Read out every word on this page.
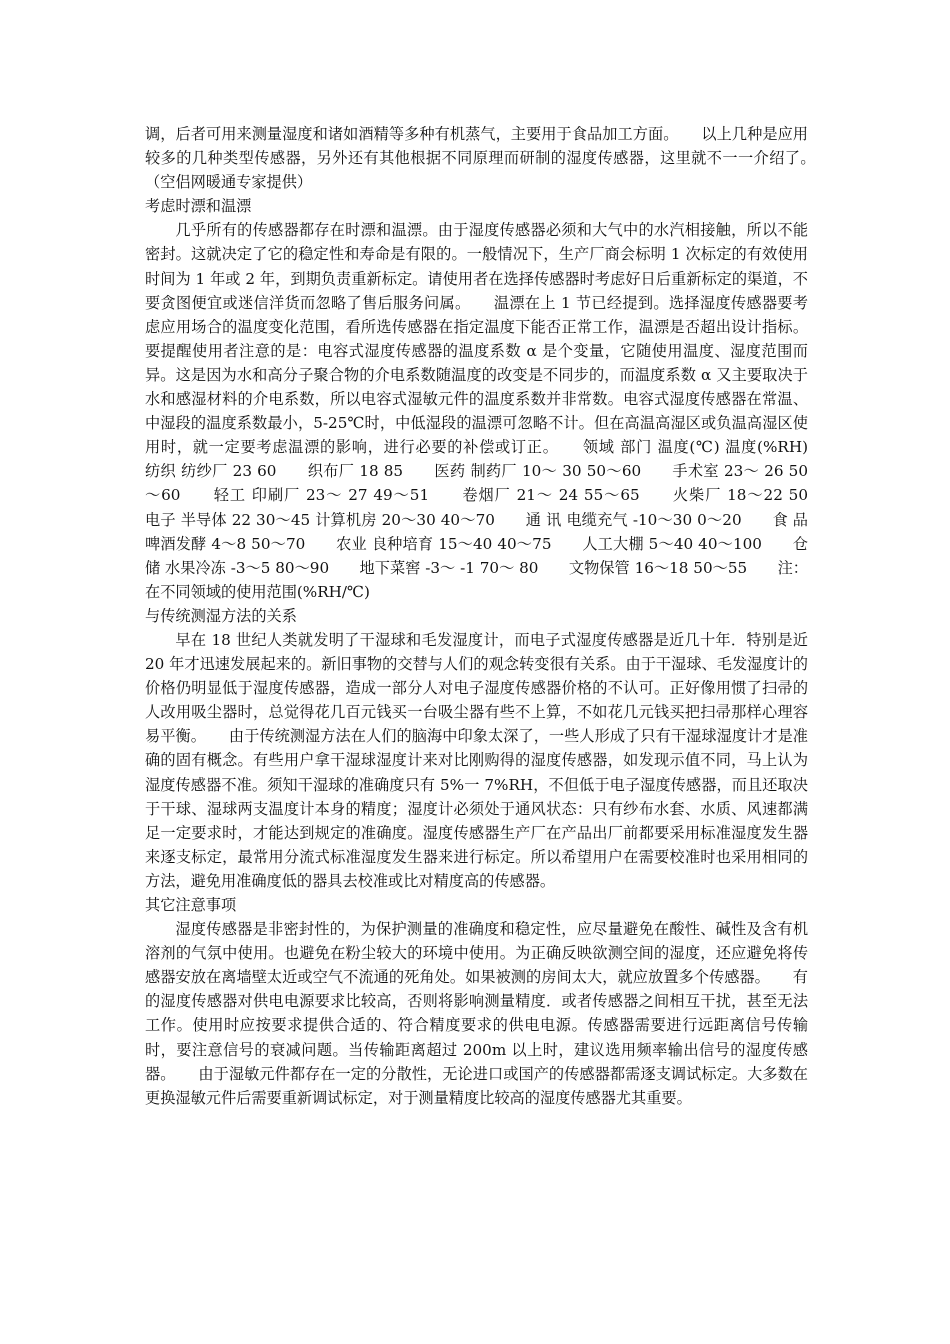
调，后者可用来测量湿度和诸如酒精等多种有机蒸气，主要用于食品加工方面。　　以上几种是应用较多的几种类型传感器，另外还有其他根据不同原理而研制的湿度传感器，这里就不一一介绍了。　　（空侣网暖通专家提供）

考虑时漂和温漂

几乎所有的传感器都存在时漂和温漂。由于湿度传感器必须和大气中的水汽相接触，所以不能密封。这就决定了它的稳定性和寿命是有限的。一般情况下，生产厂商会标明 1 次标定的有效使用时间为 1 年或 2 年，到期负责重新标定。请使用者在选择传感器时考虑好日后重新标定的渠道，不要贪图便宜或迷信洋货而忽略了售后服务问属。　　温漂在上 1 节已经提到。选择湿度传感器要考虑应用场合的温度变化范围，看所选传感器在指定温度下能否正常工作，温漂是否超出设计指标。要提醒使用者注意的是：电容式湿度传感器的温度系数 α 是个变量，它随使用温度、湿度范围而异。这是因为水和高分子聚合物的介电系数随温度的改变是不同步的，而温度系数 α 又主要取决于水和感湿材料的介电系数，所以电容式湿敏元件的温度系数并非常数。电容式湿度传感器在常温、中湿段的温度系数最小，5-25℃时，中低湿段的温漂可忽略不计。但在高温高湿区或负温高湿区使用时，就一定要考虑温漂的影响，进行必要的补偿或订正。　　领域 部门 温度(℃) 温度(%RH)　　纺织 纺纱厂 23 60　　织布厂 18 85　　医药 制药厂 10～ 30 50～60　　手术室 23～ 26 50～60　　轻工 印刷厂 23～ 27 49～51　　卷烟厂 21～ 24 55～65　　火柴厂 18～22 50　　电子 半导体 22 30～45 计算机房 20～30 40～70　　通 讯 电缆充气 -10～30 0～20　　食 品 啤酒发酵 4～8 50～70　　农业 良种培育 15～40 40～75　　人工大棚 5～40 40～100　　仓储 水果冷冻 -3～5 80～90　　地下菜窖 -3～ -1 70～ 80　　文物保管 16～18 50～55　　注：在不同领域的使用范围(%RH/℃)

与传统测湿方法的关系

早在 18 世纪人类就发明了干湿球和毛发湿度计，而电子式湿度传感器是近几十年．特别是近 20 年才迅速发展起来的。新旧事物的交替与人们的观念转变很有关系。由于干湿球、毛发湿度计的价格仍明显低于湿度传感器，造成一部分人对电子湿度传感器价格的不认可。正好像用惯了扫帚的人改用吸尘器时，总觉得花几百元钱买一台吸尘器有些不上算，不如花几元钱买把扫帚那样心理容易平衡。　　由于传统测湿方法在人们的脑海中印象太深了，一些人形成了只有干湿球湿度计才是准确的固有概念。有些用户拿干湿球湿度计来对比刚购得的湿度传感器，如发现示值不同，马上认为湿度传感器不准。须知干湿球的准确度只有 5%一 7%RH，不但低于电子湿度传感器，而且还取决于干球、湿球两支温度计本身的精度；湿度计必须处于通风状态：只有纱布水套、水质、风速都满足一定要求时，才能达到规定的准确度。湿度传感器生产厂在产品出厂前都要采用标准湿度发生器来逐支标定，最常用分流式标准湿度发生器来进行标定。所以希望用户在需要校准时也采用相同的方法，避免用准确度低的器具去校准或比对精度高的传感器。

其它注意事项

湿度传感器是非密封性的，为保护测量的准确度和稳定性，应尽量避免在酸性、碱性及含有机溶剂的气氛中使用。也避免在粉尘较大的环境中使用。为正确反映欲测空间的湿度，还应避免将传感器安放在离墙壁太近或空气不流通的死角处。如果被测的房间太大，就应放置多个传感器。　　有的湿度传感器对供电电源要求比较高，否则将影响测量精度．或者传感器之间相互干扰，甚至无法工作。使用时应按要求提供合适的、符合精度要求的供电电源。传感器需要进行远距离信号传输时，要注意信号的衰减问题。当传输距离超过 200m 以上时，建议选用频率输出信号的湿度传感器。　　由于湿敏元件都存在一定的分散性，无论进口或国产的传感器都需逐支调试标定。大多数在更换湿敏元件后需要重新调试标定，对于测量精度比较高的湿度传感器尤其重要。
